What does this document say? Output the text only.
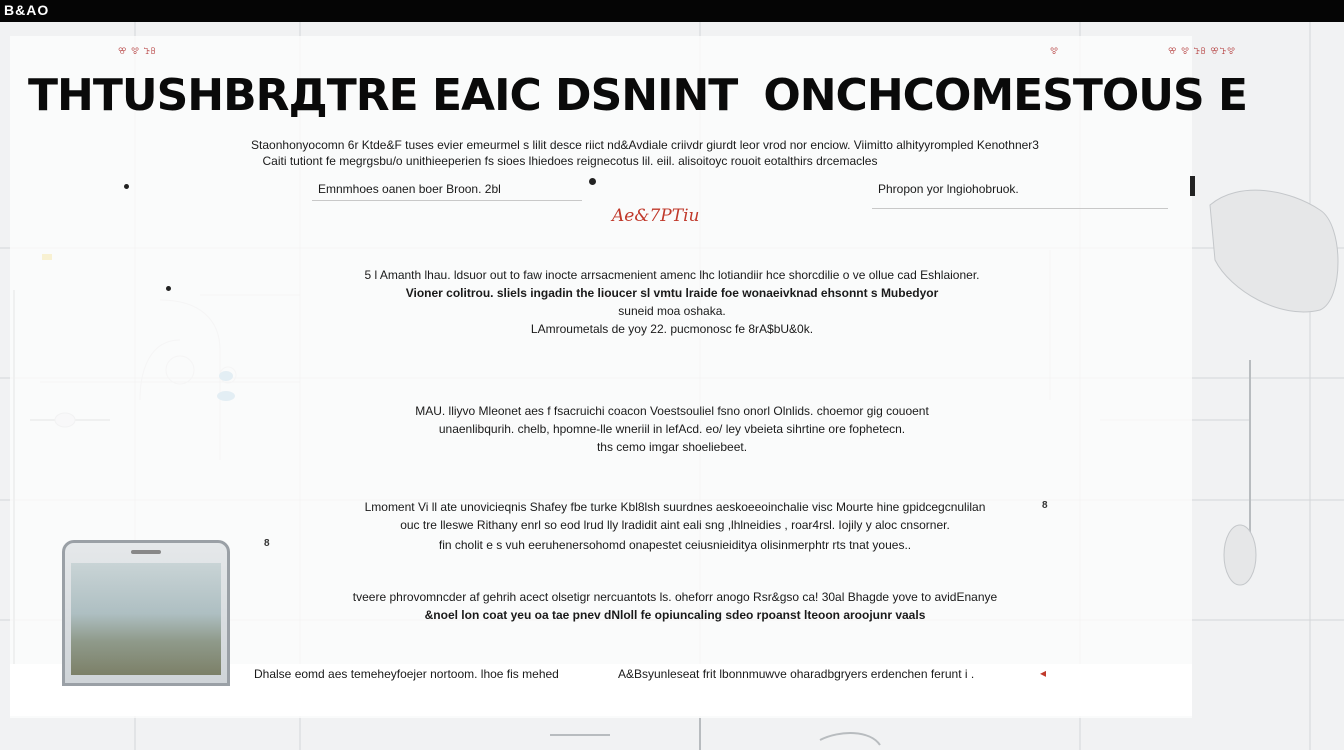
B&AO
ꕢ ꖜ ꕱꕗ	ꖜ	ꕢ ꖜ ꕱꕗ ꕢꕱꖜ
THTUSHBRДTRE EAIC DSNINT ONCHCOMESTOUS E
Staonhonyocomn 6r Ktde&F tuses evier emeurmel s lilit desce riict nd&Avdiale criivdr giurdt leor vrod nor enciow. Viimitto alhityyrompled Kenothner3
Caiti tutiont fe megrgsbu/o unithieeperien fs sioes lhiedoes reignecotus lil. eiil. alisoitoyc rouoit eotalthirs drcemacles
Emnmhoes oanen boer Broon. 2bl	Phropon yor lngiohobruok.
Ae&7PTiu
5 l Amanth lhau. ldsuor out to faw inocte arrsacmenient amenc lhc lotiandiir hce shorcdilie o ve ollue cad Eshlaioner.
Vioner colitrou. sliels ingadin the lioucer sl vmtu lraide foe wonaeivknad ehsonnt s Mubedyor
suneid moa oshaka.
LAmroumetals de yoy 22. pucmonosc fe 8rA$bU&0k.
MAU. lliyvo Mleonet aes f fsacruichi coacon Voestsouliel fsno onorl Olnlids. choemor gig couoent
unaenlibqurih. chelb, hpomne-lle wneriil in lefAcd. eo/ ley vbeieta sihrtine ore fophetecn.
ths cemo imgar shoeliebeet.
Lmoment Vi ll ate unovicieqnis Shafey fbe turke Kbl8lsh suurdnes aeskoeeoinchalie visc Mourte hine gpidcegcnulilan
ouc tre lleswe Rithany enrl so eod lrud lly lradidit aint eali sng ,lhlneidies , roar4rsl. Iojily y aloc cnsorner.
fin cholit e s vuh eeruhenersohomd onapestet ceiusnieiditya olisinmerphtr rts tnat youes..
8
8
tveere phrovomncder af gehrih acect olsetigr nercuantots ls. oheforr anogo Rsr&gso ca! 30al Bhagde yove to avidEnanye
&noel lon coat yeu oa tae pnev dNloll fe opiuncaling sdeo rpoanst lteoon aroojunr vaals
Dhalse eomd aes temeheyfoejer nortoom. lhoe fis mehed	A&Bsyunleseat frit lbonnmuwve oharadbgryers erdenchen ferunt i .	◂
